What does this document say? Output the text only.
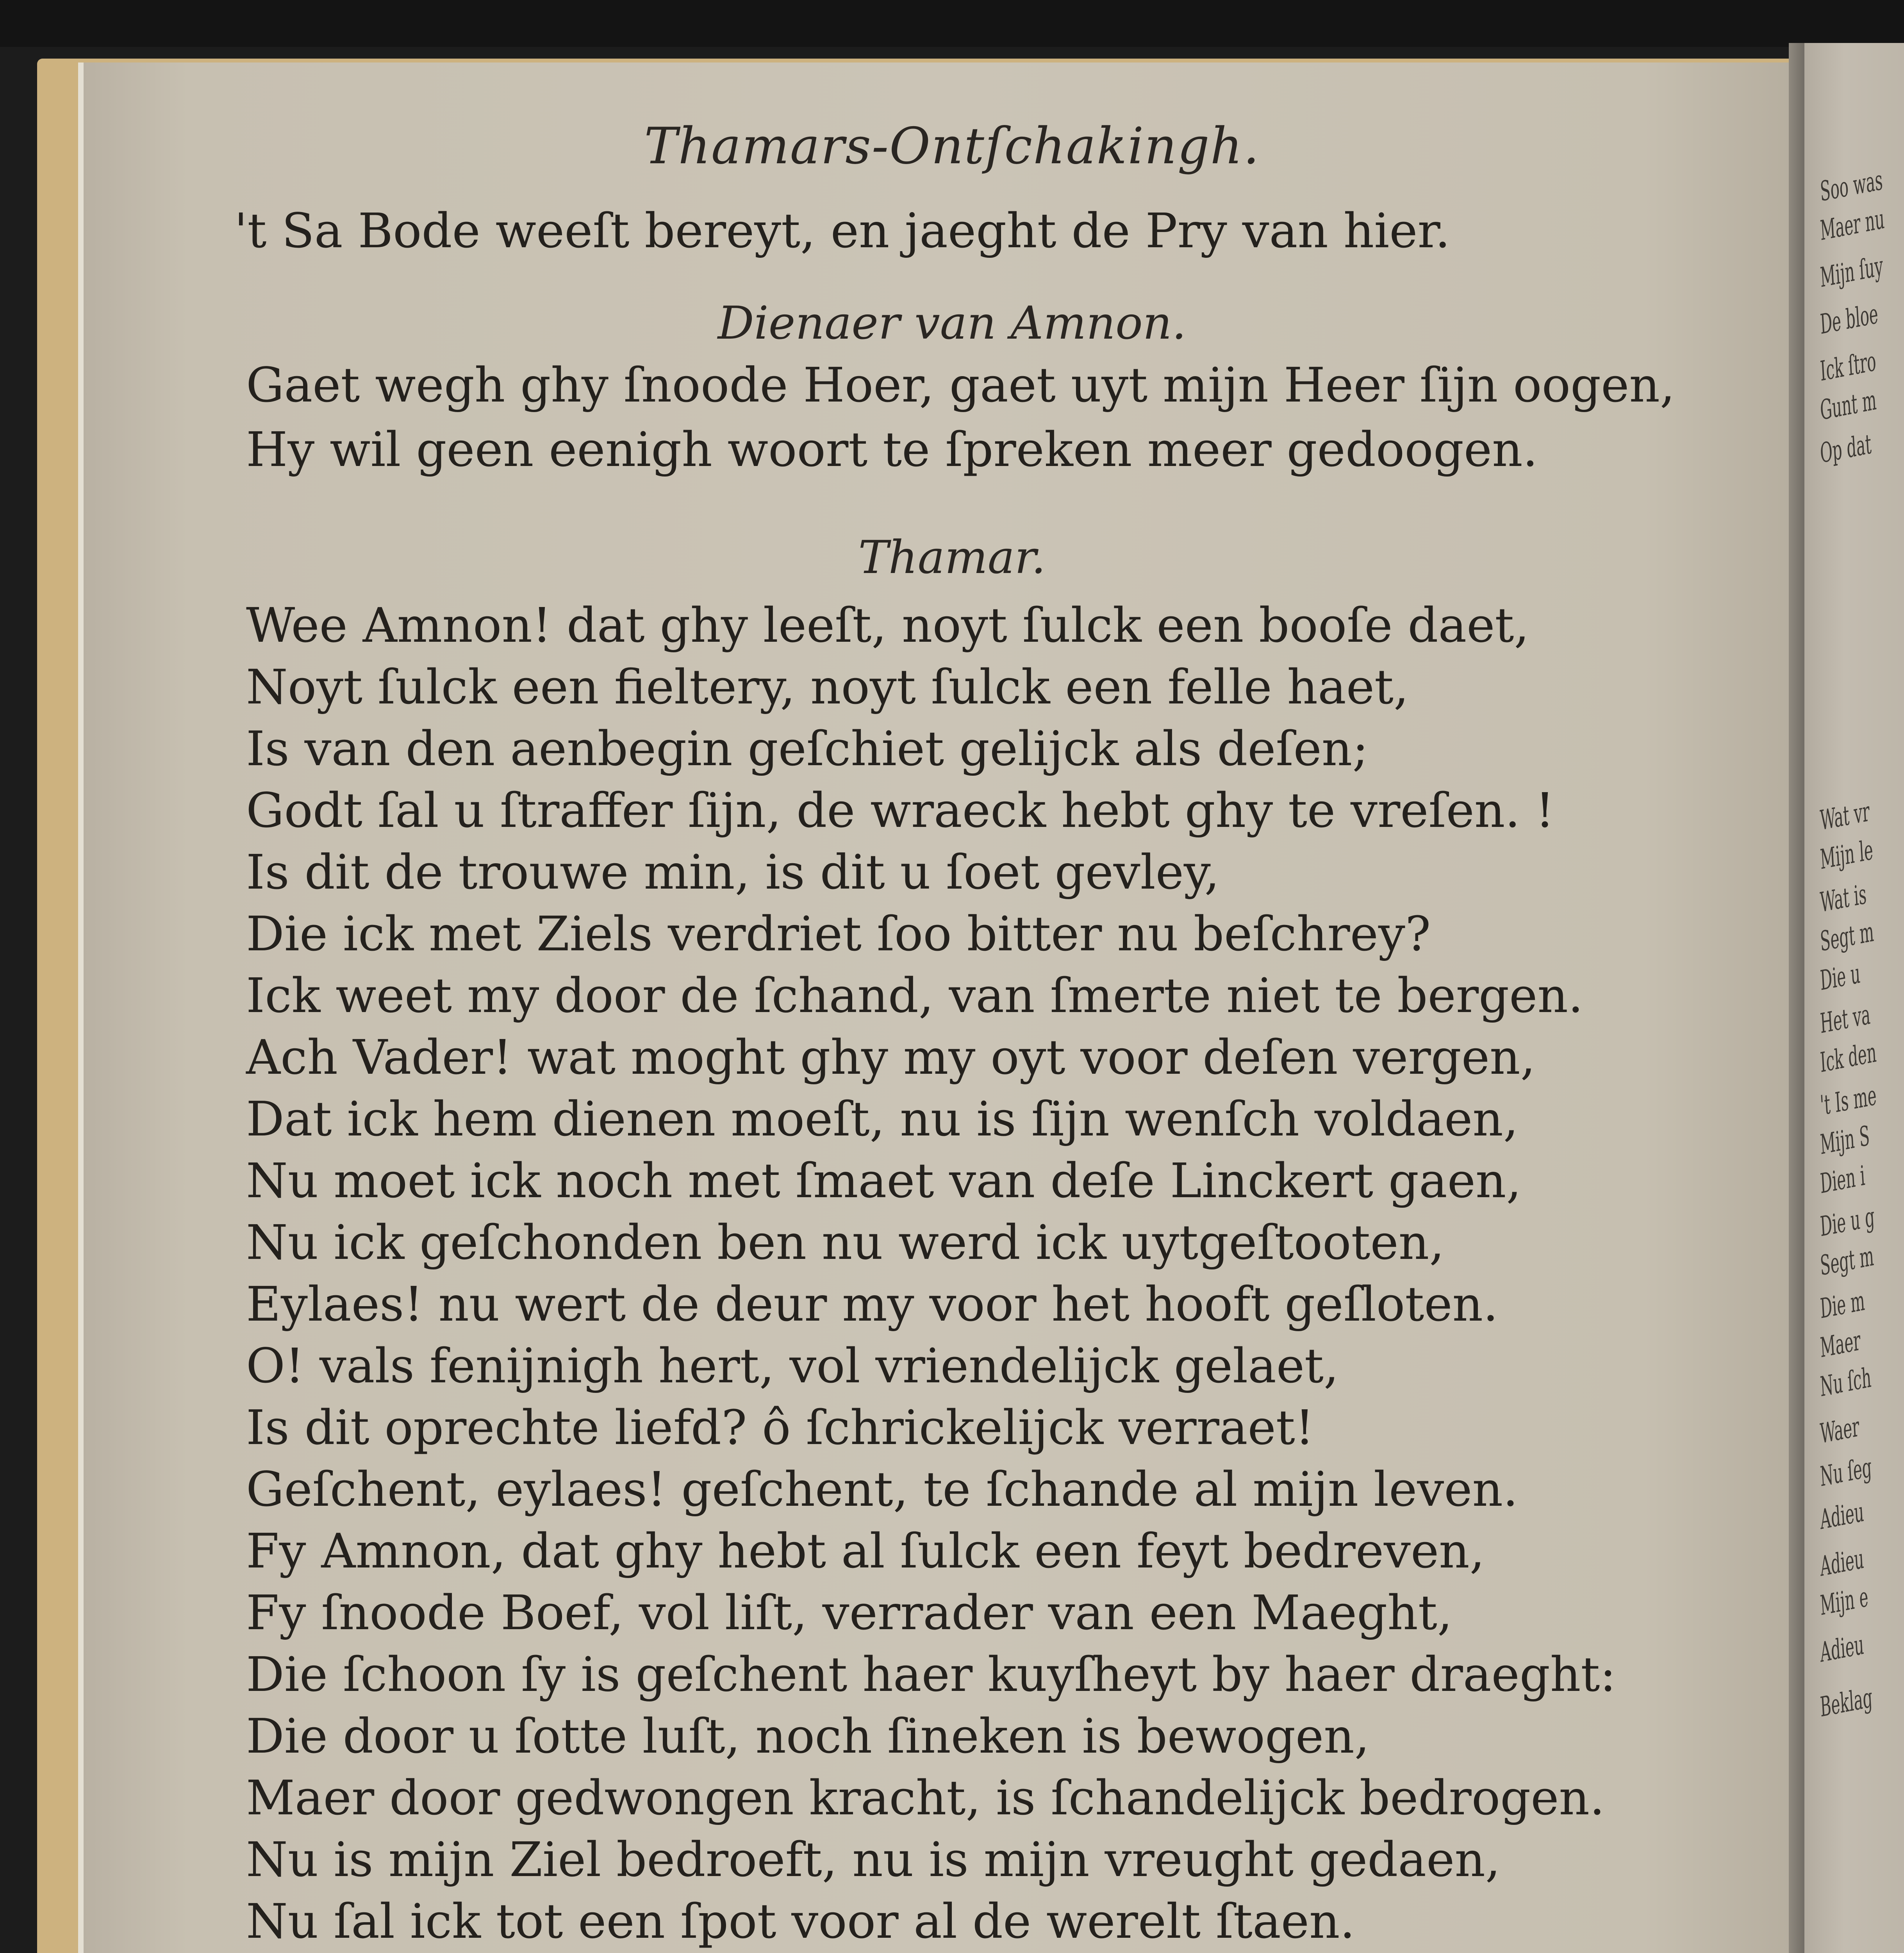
Soo was
Maer nu
Mijn ſuy
De bloe
Ick ſtro
Gunt m
Op dat
Wat vr
Mijn le
Wat is
Segt m
Die u
Het va
Ick den
't Is me
Mijn S
Dien i
Die u g
Segt m
Die m
Maer
Nu ſch
Waer
Nu ſeg
Adieu
Adieu
Mijn e
Adieu
Beklag
Thamars-Ontſchakingh.
't Sa Bode weeſt bereyt, en jaeght de Pry van hier.
Dienaer van Amnon.
Gaet wegh ghy ſnoode Hoer, gaet uyt mijn Heer ſijn oogen,
Hy wil geen eenigh woort te ſpreken meer gedoogen.
Thamar.
Wee Amnon! dat ghy leeſt, noyt ſulck een booſe daet,
Noyt ſulck een fieltery, noyt ſulck een felle haet,
Is van den aenbegin geſchiet gelijck als deſen;
Godt ſal u ſtraffer ſijn, de wraeck hebt ghy te vreſen. !
Is dit de trouwe min, is dit u ſoet gevley,
Die ick met Ziels verdriet ſoo bitter nu beſchrey?
Ick weet my door de ſchand, van ſmerte niet te bergen.
Ach Vader! wat moght ghy my oyt voor deſen vergen,
Dat ick hem dienen moeſt, nu is ſijn wenſch voldaen,
Nu moet ick noch met ſmaet van deſe Linckert gaen,
Nu ick geſchonden ben nu werd ick uytgeſtooten,
Eylaes! nu wert de deur my voor het hooft geſloten.
O! vals fenijnigh hert, vol vriendelijck gelaet,
Is dit oprechte liefd? ô ſchrickelijck verraet!
Geſchent, eylaes! geſchent, te ſchande al mijn leven.
Fy Amnon, dat ghy hebt al ſulck een feyt bedreven,
Fy ſnoode Boef, vol liſt, verrader van een Maeght,
Die ſchoon ſy is geſchent haer kuyſheyt by haer draeght:
Die door u ſotte luſt, noch ſineken is bewogen,
Maer door gedwongen kracht, is ſchandelijck bedrogen.
Nu is mijn Ziel bedroeft, nu is mijn vreught gedaen,
Nu ſal ick tot een ſpot voor al de werelt ſtaen.
